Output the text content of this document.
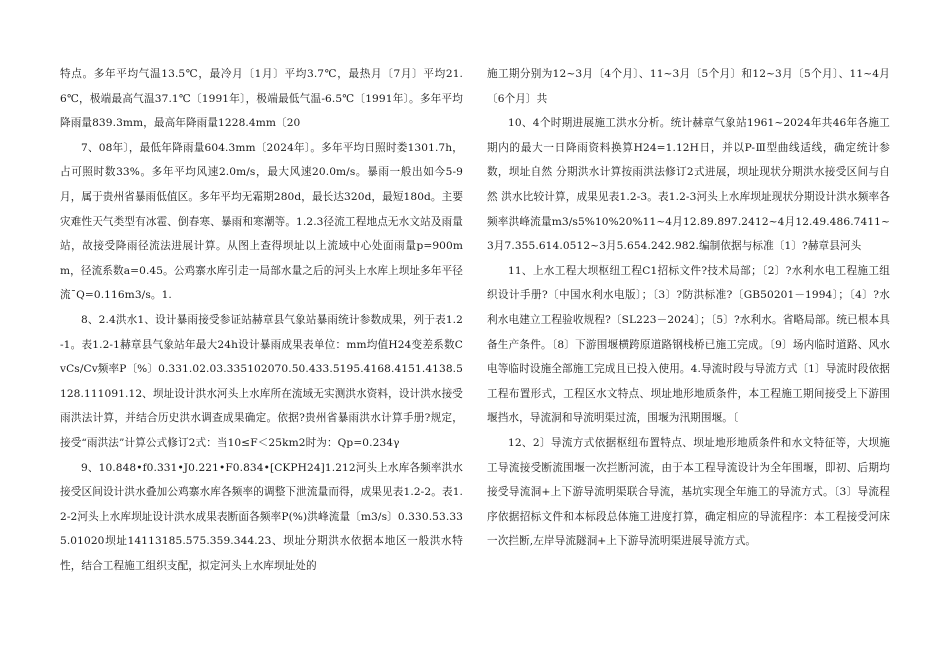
特点。多年平均气温13.5℃，最冷月〔1月〕平均3.7℃，最热月〔7月〕平均21.6℃，极端最高气温37.1℃〔1991年〕，极端最低气温-6.5℃〔1991年〕。多年平均降雨量839.3mm，最高年降雨量1228.4mm〔20

7、08年〕，最低年降雨量604.3mm〔2024年〕。多年平均日照时娄1301.7h，占可照时数33%。多年平均风速2.0m/s，最大风速20.0m/s。暴雨一般出如今5-9月，属于贵州省暴雨低值区。多年平均无霜期280d，最长达320d，最短180d。主要灾难性天气类型有冰雹、倒春寒、暴雨和寒潮等。1.2.3径流工程地点无水文站及雨量站，故接受降雨径流法进展计算。从图上查得坝址以上流域中心处面雨量p=900mm，径流系数a=0.45。公鸡寨水库引走一局部水量之后的河头上水库上坝址多年平径流ˉQ=0.116m3/s。1.

8、2.4洪水1、设计暴雨接受参证站赫章县气象站暴雨统计参数成果，列于表1.2-1。表1.2-1赫章县气象站年最大24h设计暴雨成果表单位：mm均值H24变差系数CvCs/Cv频率P〔%〕0.331.02.03.335102070.50.433.5195.4168.4151.4138.5128.111091.12、坝址设计洪水河头上水库所在流域无实测洪水资料，设计洪水接受雨洪法计算，并结合历史洪水调查成果确定。依据?贵州省暴雨洪水计算手册?规定，接受“雨洪法”计算公式修订2式：当10≤F＜25km2时为：Qp=0.234γ

9、10.848•f0.331•J0.221•F0.834•[CKPH24]1.212河头上水库各频率洪水接受区间设计洪水叠加公鸡寨水库各频率的调整下泄流量而得，成果见表1.2-2。表1.2-2河头上水库坝址设计洪水成果表断面各频率P(%)洪峰流量〔m3/s〕0.330.53.335.01020坝址14113185.575.359.344.23、坝址分期洪水依据本地区一般洪水特性，结合工程施工组织支配，拟定河头上水库坝址处的

施工期分别为12~3月〔4个月〕、11~3月〔5个月〕和12~3月〔5个月〕、11~4月〔6个月〕共

10、4个时期进展施工洪水分析。统计赫章气象站1961~2024年共46年各施工期内的最大一日降雨资料换算H24=1.12H日，并以P-Ⅲ型曲线适线，确定统计参数，坝址自然 分期洪水计算按雨洪法修订2式进展，坝址现状分期洪水接受区间与自然 洪水比较计算，成果见表1.2-3。表1.2-3河头上水库坝址现状分期设计洪水频率各频率洪峰流量m3/s5%10%20%11~4月12.89.897.2412~4月12.49.486.7411~3月7.355.614.0512~3月5.654.242.982.编制依据与标准〔1〕?赫章县河头

11、上水工程大坝枢纽工程C1招标文件?技术局部；〔2〕?水利水电工程施工组织设计手册?〔中国水利水电版〕；〔3〕?防洪标准?〔GB50201－1994〕；〔4〕?水利水电建立工程验收规程?〔SL223－2024〕；〔5〕?水利水。省略局部。统已根本具备生产条件。〔8〕下游围堰横跨原道路钢栈桥已施工完成。〔9〕场内临时道路、风水电等临时设施全部施工完成且已投入使用。4.导流时段与导流方式〔1〕导流时段依据工程布置形式，工程区水文特点、坝址地形地质条件，本工程施工期间接受上下游围堰挡水，导流洞和导流明渠过流，围堰为汛期围堰。〔

12、2〕导流方式依据枢纽布置特点、坝址地形地质条件和水文特征等，大坝施工导流接受断流围堰一次拦断河流，由于本工程导流设计为全年围堰，即初、后期均接受导流洞+上下游导流明渠联合导流，基坑实现全年施工的导流方式。〔3〕导流程序依据招标文件和本标段总体施工进度打算，确定相应的导流程序：本工程接受河床一次拦断,左岸导流隧洞+上下游导流明渠进展导流方式。
